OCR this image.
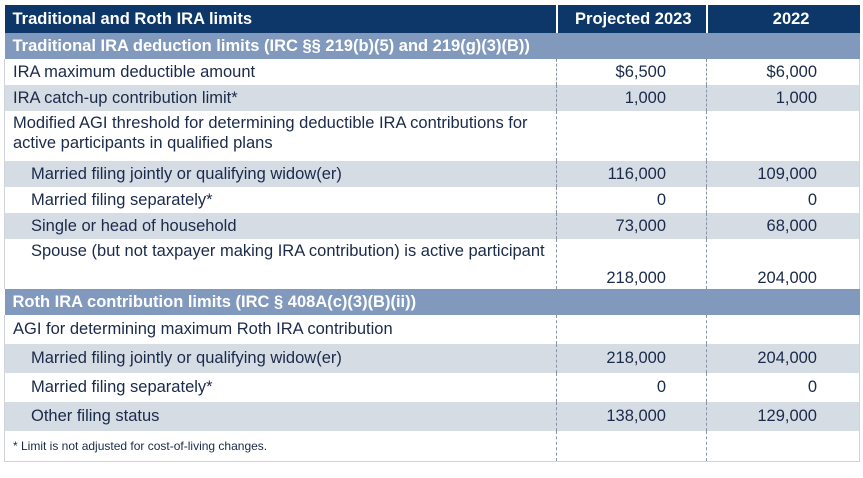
Traditional and Roth IRA limits	Projected 2023	2022
Traditional IRA deduction limits (IRC §§ 219(b)(5) and 219(g)(3)(B))		
IRA maximum deductible amount	$6,500	$6,000
IRA catch-up contribution limit*	1,000	1,000
Modified AGI threshold for determining deductible IRA contributions for active participants in qualified plans		
Married filing jointly or qualifying widow(er)	116,000	109,000
Married filing separately*	0	0
Single or head of household	73,000	68,000
Spouse (but not taxpayer making IRA contribution) is active participant	218,000	204,000
Roth IRA contribution limits (IRC § 408A(c)(3)(B)(ii))		
AGI for determining maximum Roth IRA contribution		
Married filing jointly or qualifying widow(er)	218,000	204,000
Married filing separately*	0	0
Other filing status	138,000	129,000
* Limit is not adjusted for cost-of-living changes.		
